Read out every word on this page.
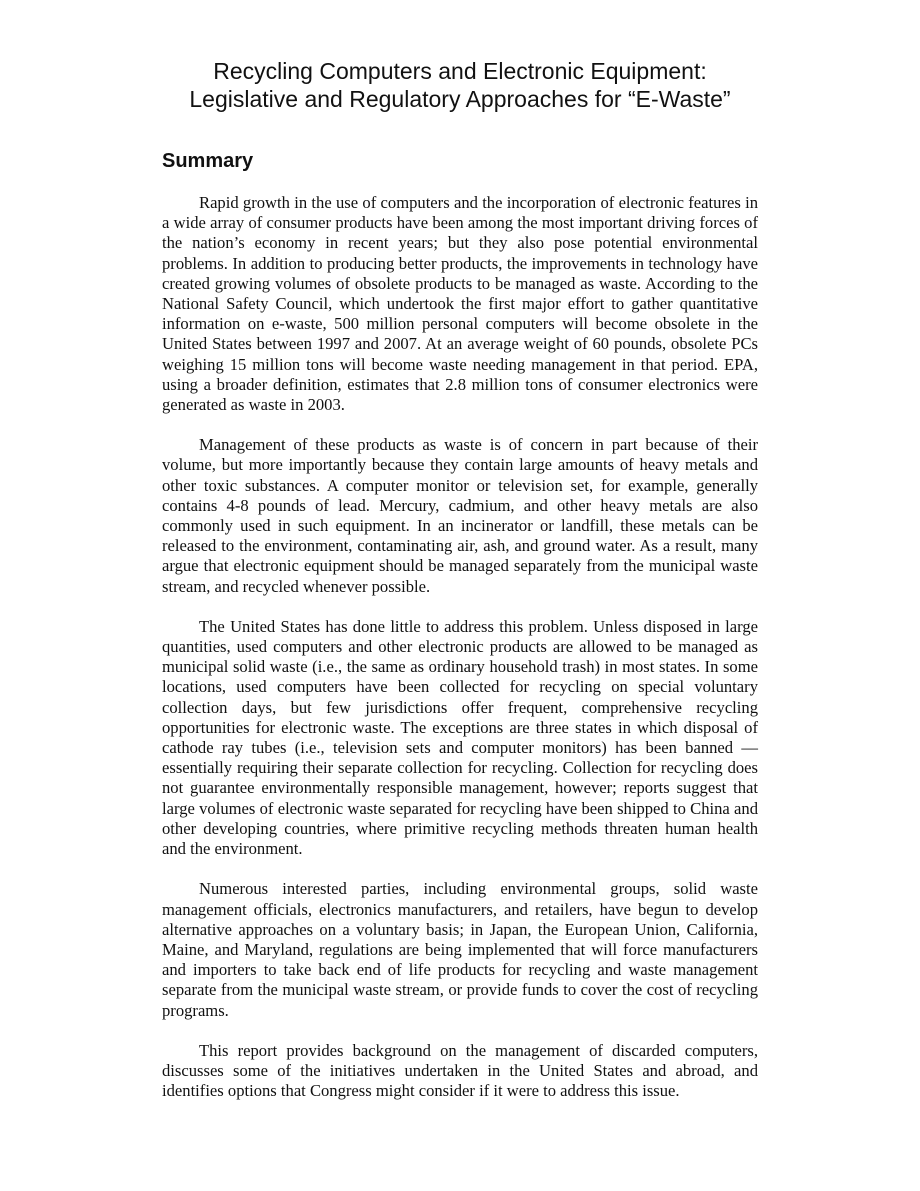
Recycling Computers and Electronic Equipment:
Legislative and Regulatory Approaches for “E-Waste”
Summary

Rapid growth in the use of computers and the incorporation of electronic features in a wide array of consumer products have been among the most important driving forces of the nation’s economy in recent years; but they also pose potential environmental problems. In addition to producing better products, the improvements in technology have created growing volumes of obsolete products to be managed as waste. According to the National Safety Council, which undertook the first major effort to gather quantitative information on e-waste, 500 million personal computers will become obsolete in the United States between 1997 and 2007. At an average weight of 60 pounds, obsolete PCs weighing 15 million tons will become waste needing management in that period. EPA, using a broader definition, estimates that 2.8 million tons of consumer electronics were generated as waste in 2003.

Management of these products as waste is of concern in part because of their volume, but more importantly because they contain large amounts of heavy metals and other toxic substances. A computer monitor or television set, for example, generally contains 4-8 pounds of lead. Mercury, cadmium, and other heavy metals are also commonly used in such equipment. In an incinerator or landfill, these metals can be released to the environment, contaminating air, ash, and ground water. As a result, many argue that electronic equipment should be managed separately from the municipal waste stream, and recycled whenever possible.

The United States has done little to address this problem. Unless disposed in large quantities, used computers and other electronic products are allowed to be managed as municipal solid waste (i.e., the same as ordinary household trash) in most states. In some locations, used computers have been collected for recycling on special voluntary collection days, but few jurisdictions offer frequent, comprehensive recycling opportunities for electronic waste. The exceptions are three states in which disposal of cathode ray tubes (i.e., television sets and computer monitors) has been banned — essentially requiring their separate collection for recycling. Collection for recycling does not guarantee environmentally responsible management, however; reports suggest that large volumes of electronic waste separated for recycling have been shipped to China and other developing countries, where primitive recycling methods threaten human health and the environment.

Numerous interested parties, including environmental groups, solid waste management officials, electronics manufacturers, and retailers, have begun to develop alternative approaches on a voluntary basis; in Japan, the European Union, California, Maine, and Maryland, regulations are being implemented that will force manufacturers and importers to take back end of life products for recycling and waste management separate from the municipal waste stream, or provide funds to cover the cost of recycling programs.

This report provides background on the management of discarded computers, discusses some of the initiatives undertaken in the United States and abroad, and identifies options that Congress might consider if it were to address this issue.
